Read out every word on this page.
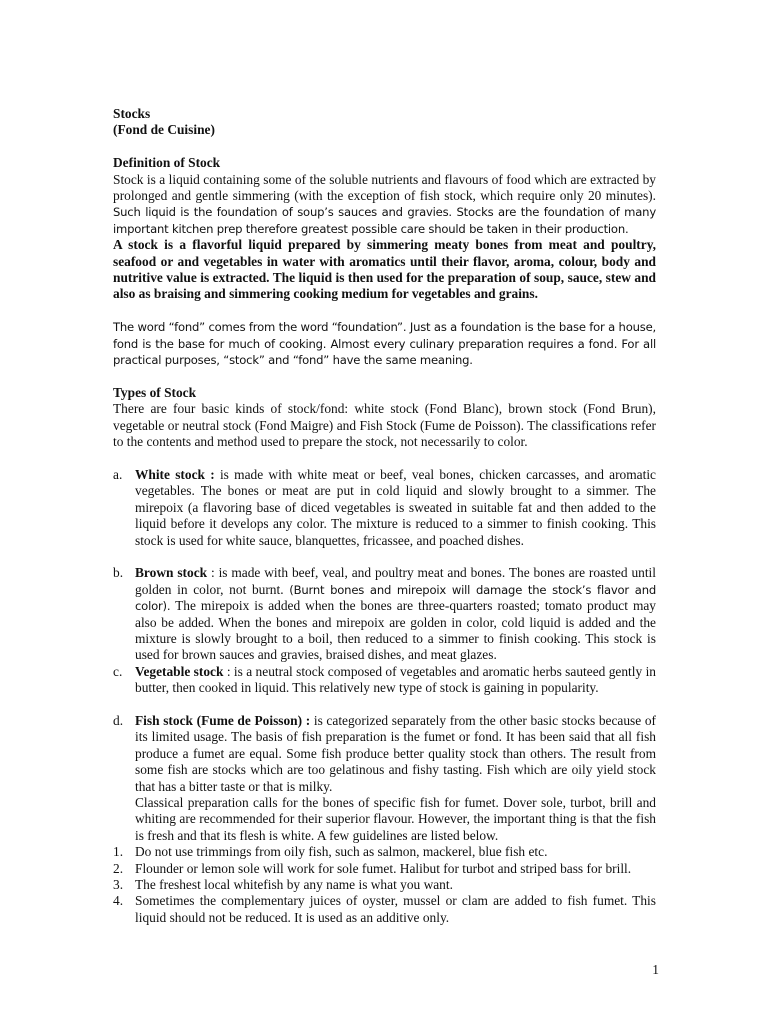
Stocks
(Fond de Cuisine)
Definition of Stock
Stock is a liquid containing some of the soluble nutrients and flavours of food which are extracted by prolonged and gentle simmering (with the exception of fish stock, which require only 20 minutes). Such liquid is the foundation of soup’s sauces and gravies. Stocks are the foundation of many important kitchen prep therefore greatest possible care should be taken in their production.
A stock is a flavorful liquid prepared by simmering meaty bones from meat and poultry, seafood or and vegetables in water with aromatics until their flavor, aroma, colour, body and nutritive value is extracted. The liquid is then used for the preparation of soup, sauce, stew and also as braising and simmering cooking medium for vegetables and grains.
The word “fond” comes from the word “foundation”. Just as a foundation is the base for a house, fond is the base for much of cooking. Almost every culinary preparation requires a fond. For all practical purposes, “stock” and “fond” have the same meaning.
Types of Stock
There are four basic kinds of stock/fond: white stock (Fond Blanc), brown stock (Fond Brun), vegetable or neutral stock (Fond Maigre) and Fish Stock (Fume de Poisson). The classifications refer to the contents and method used to prepare the stock, not necessarily to color.
a. White stock : is made with white meat or beef, veal bones, chicken carcasses, and aromatic vegetables. The bones or meat are put in cold liquid and slowly brought to a simmer. The mirepoix (a flavoring base of diced vegetables is sweated in suitable fat and then added to the liquid before it develops any color. The mixture is reduced to a simmer to finish cooking. This stock is used for white sauce, blanquettes, fricassee, and poached dishes.
b. Brown stock : is made with beef, veal, and poultry meat and bones. The bones are roasted until golden in color, not burnt. (Burnt bones and mirepoix will damage the stock’s flavor and color). The mirepoix is added when the bones are three-quarters roasted; tomato product may also be added. When the bones and mirepoix are golden in color, cold liquid is added and the mixture is slowly brought to a boil, then reduced to a simmer to finish cooking. This stock is used for brown sauces and gravies, braised dishes, and meat glazes.
c. Vegetable stock : is a neutral stock composed of vegetables and aromatic herbs sauteed gently in butter, then cooked in liquid. This relatively new type of stock is gaining in popularity.
d. Fish stock (Fume de Poisson) : is categorized separately from the other basic stocks because of its limited usage. The basis of fish preparation is the fumet or fond. It has been said that all fish produce a fumet are equal. Some fish produce better quality stock than others. The result from some fish are stocks which are too gelatinous and fishy tasting. Fish which are oily yield stock that has a bitter taste or that is milky.
Classical preparation calls for the bones of specific fish for fumet. Dover sole, turbot, brill and whiting are recommended for their superior flavour. However, the important thing is that the fish is fresh and that its flesh is white. A few guidelines are listed below.
1. Do not use trimmings from oily fish, such as salmon, mackerel, blue fish etc.
2. Flounder or lemon sole will work for sole fumet. Halibut for turbot and striped bass for brill.
3. The freshest local whitefish by any name is what you want.
4. Sometimes the complementary juices of oyster, mussel or clam are added to fish fumet. This liquid should not be reduced. It is used as an additive only.
1
